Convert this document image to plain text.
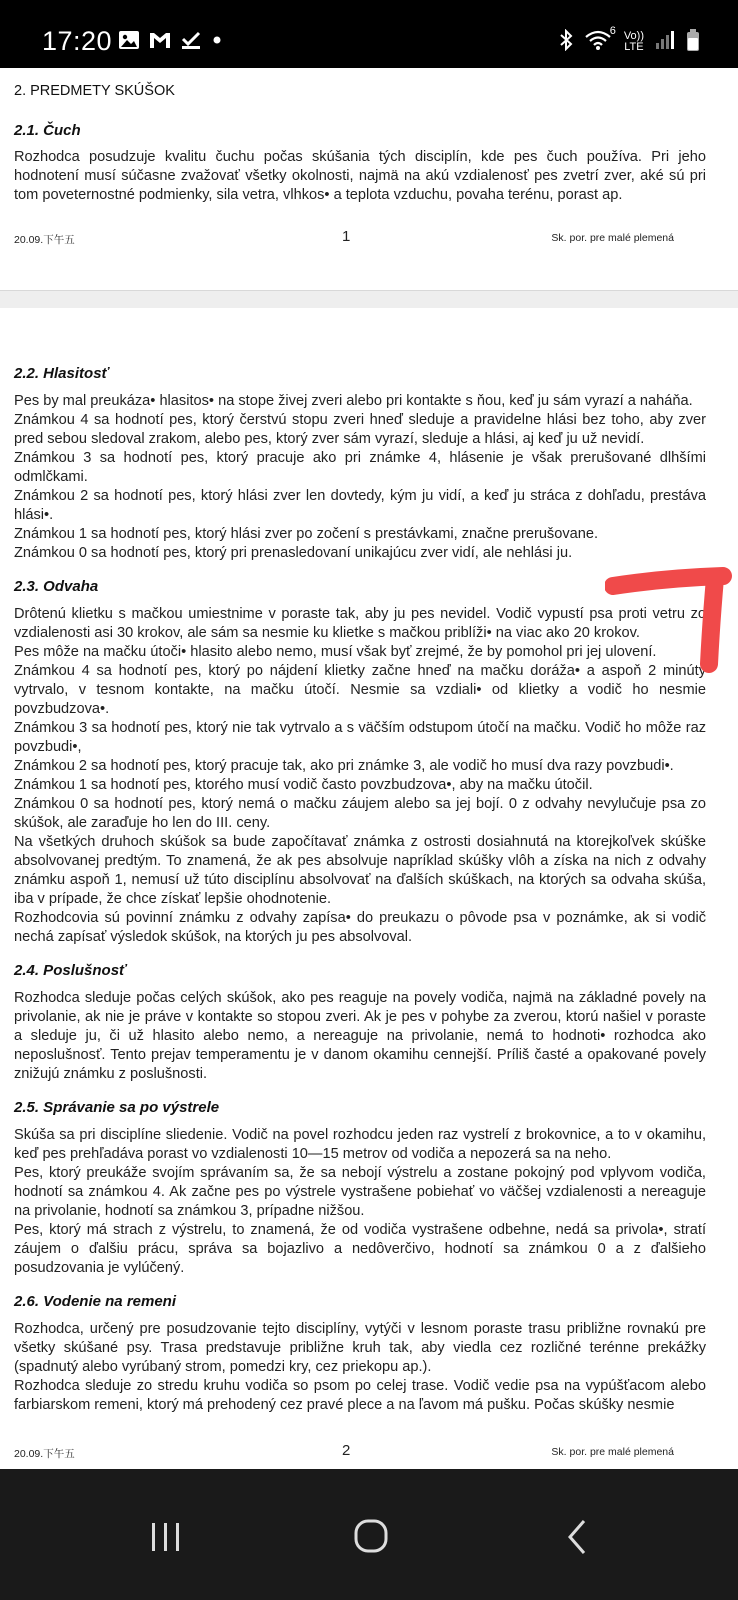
17:20	6 Vo))
LTE
2. PREDMETY SKÚŠOK
2.1. Čuch

Rozhodca posudzuje kvalitu čuchu počas skúšania tých disciplín, kde pes čuch používa. Pri jeho hodnotení musí súčasne zvažovať všetky okolnosti, najmä na akú vzdialenosť pes zvetrí zver, aké sú pri tom poveternostné podmienky, sila vetra, vlhkos• a teplota vzduchu, povaha terénu, porast ap.

20.09.下午五	1	Sk. por. pre malé plemená
2.2. Hlasitosť

Pes by mal preukáza• hlasitos• na stope živej zveri alebo pri kontakte s ňou, keď ju sám vyrazí a naháňa.

Známkou 4 sa hodnotí pes, ktorý čerstvú stopu zveri hneď sleduje a pravidelne hlási bez toho, aby zver pred sebou sledoval zrakom, alebo pes, ktorý zver sám vyrazí, sleduje a hlási, aj keď ju už nevidí.

Známkou 3 sa hodnotí pes, ktorý pracuje ako pri známke 4, hlásenie je však prerušované dlhšími odmlčkami.

Známkou 2 sa hodnotí pes, ktorý hlási zver len dovtedy, kým ju vidí, a keď ju stráca z dohľadu, prestáva hlási•.

Známkou 1 sa hodnotí pes, ktorý hlási zver po zočení s prestávkami, značne prerušovane.

Známkou 0 sa hodnotí pes, ktorý pri prenasledovaní unikajúcu zver vidí, ale nehlási ju.

2.3. Odvaha

Drôtenú klietku s mačkou umiestnime v poraste tak, aby ju pes nevidel. Vodič vypustí psa proti vetru zo vzdialenosti asi 30 krokov, ale sám sa nesmie ku klietke s mačkou priblíži• na viac ako 20 krokov.

Pes môže na mačku útoči• hlasito alebo nemo, musí však byť zrejmé, že by pomohol pri jej ulovení.

Známkou 4 sa hodnotí pes, ktorý po nájdení klietky začne hneď na mačku doráža• a aspoň 2 minúty vytrvalo, v tesnom kontakte, na mačku útočí. Nesmie sa vzdiali• od klietky a vodič ho nesmie povzbudzova•.

Známkou 3 sa hodnotí pes, ktorý nie tak vytrvalo a s väčším odstupom útočí na mačku. Vodič ho môže raz povzbudi•,

Známkou 2 sa hodnotí pes, ktorý pracuje tak, ako pri známke 3, ale vodič ho musí dva razy povzbudi•.

Známkou 1 sa hodnotí pes, ktorého musí vodič často povzbudzova•, aby na mačku útočil.

Známkou 0 sa hodnotí pes, ktorý nemá o mačku záujem alebo sa jej bojí. 0 z odvahy nevylučuje psa zo skúšok, ale zaraďuje ho len do III. ceny.

Na všetkých druhoch skúšok sa bude započítavať známka z ostrosti dosiahnutá na ktorejkoľvek skúške absolvovanej predtým. To znamená, že ak pes absolvuje napríklad skúšky vlôh a získa na nich z odvahy známku aspoň 1, nemusí už túto disciplínu absolvovať na ďalších skúškach, na ktorých sa odvaha skúša, iba v prípade, že chce získať lepšie ohodnotenie.

Rozhodcovia sú povinní známku z odvahy zapísa• do preukazu o pôvode psa v poznámke, ak si vodič nechá zapísať výsledok skúšok, na ktorých ju pes absolvoval.

2.4. Poslušnosť

Rozhodca sleduje počas celých skúšok, ako pes reaguje na povely vodiča, najmä na základné povely na privolanie, ak nie je práve v kontakte so stopou zveri. Ak je pes v pohybe za zverou, ktorú našiel v poraste a sleduje ju, či už hlasito alebo nemo, a nereaguje na privolanie, nemá to hodnoti• rozhodca ako neposlušnosť. Tento prejav temperamentu je v danom okamihu cennejší. Príliš časté a opakované povely znižujú známku z poslušnosti.

2.5. Správanie sa po výstrele

Skúša sa pri disciplíne sliedenie. Vodič na povel rozhodcu jeden raz vystrelí z brokovnice, a to v okamihu, keď pes prehľadáva porast vo vzdialenosti 10—15 metrov od vodiča a nepozerá sa na neho.

Pes, ktorý preukáže svojím správaním sa, že sa nebojí výstrelu a zostane pokojný pod vplyvom vodiča, hodnotí sa známkou 4. Ak začne pes po výstrele vystrašene pobiehať vo väčšej vzdialenosti a nereaguje na privolanie, hodnotí sa známkou 3, prípadne nižšou.

Pes, ktorý má strach z výstrelu, to znamená, že od vodiča vystrašene odbehne, nedá sa privola•, stratí záujem o ďalšiu prácu, správa sa bojazlivo a nedôverčivo, hodnotí sa známkou 0 a z ďalšieho posudzovania je vylúčený.

2.6. Vodenie na remeni

Rozhodca, určený pre posudzovanie tejto disciplíny, vytýči v lesnom poraste trasu približne rovnakú pre všetky skúšané psy. Trasa predstavuje približne kruh tak, aby viedla cez rozličné terénne prekážky (spadnutý alebo vyrúbaný strom, pomedzi kry, cez priekopu ap.).

Rozhodca sleduje zo stredu kruhu vodiča so psom po celej trase. Vodič vedie psa na vypúšťacom alebo farbiarskom remeni, ktorý má prehodený cez pravé plece a na ľavom má pušku. Počas skúšky nesmie

20.09.下午五	2	Sk. por. pre malé plemená
